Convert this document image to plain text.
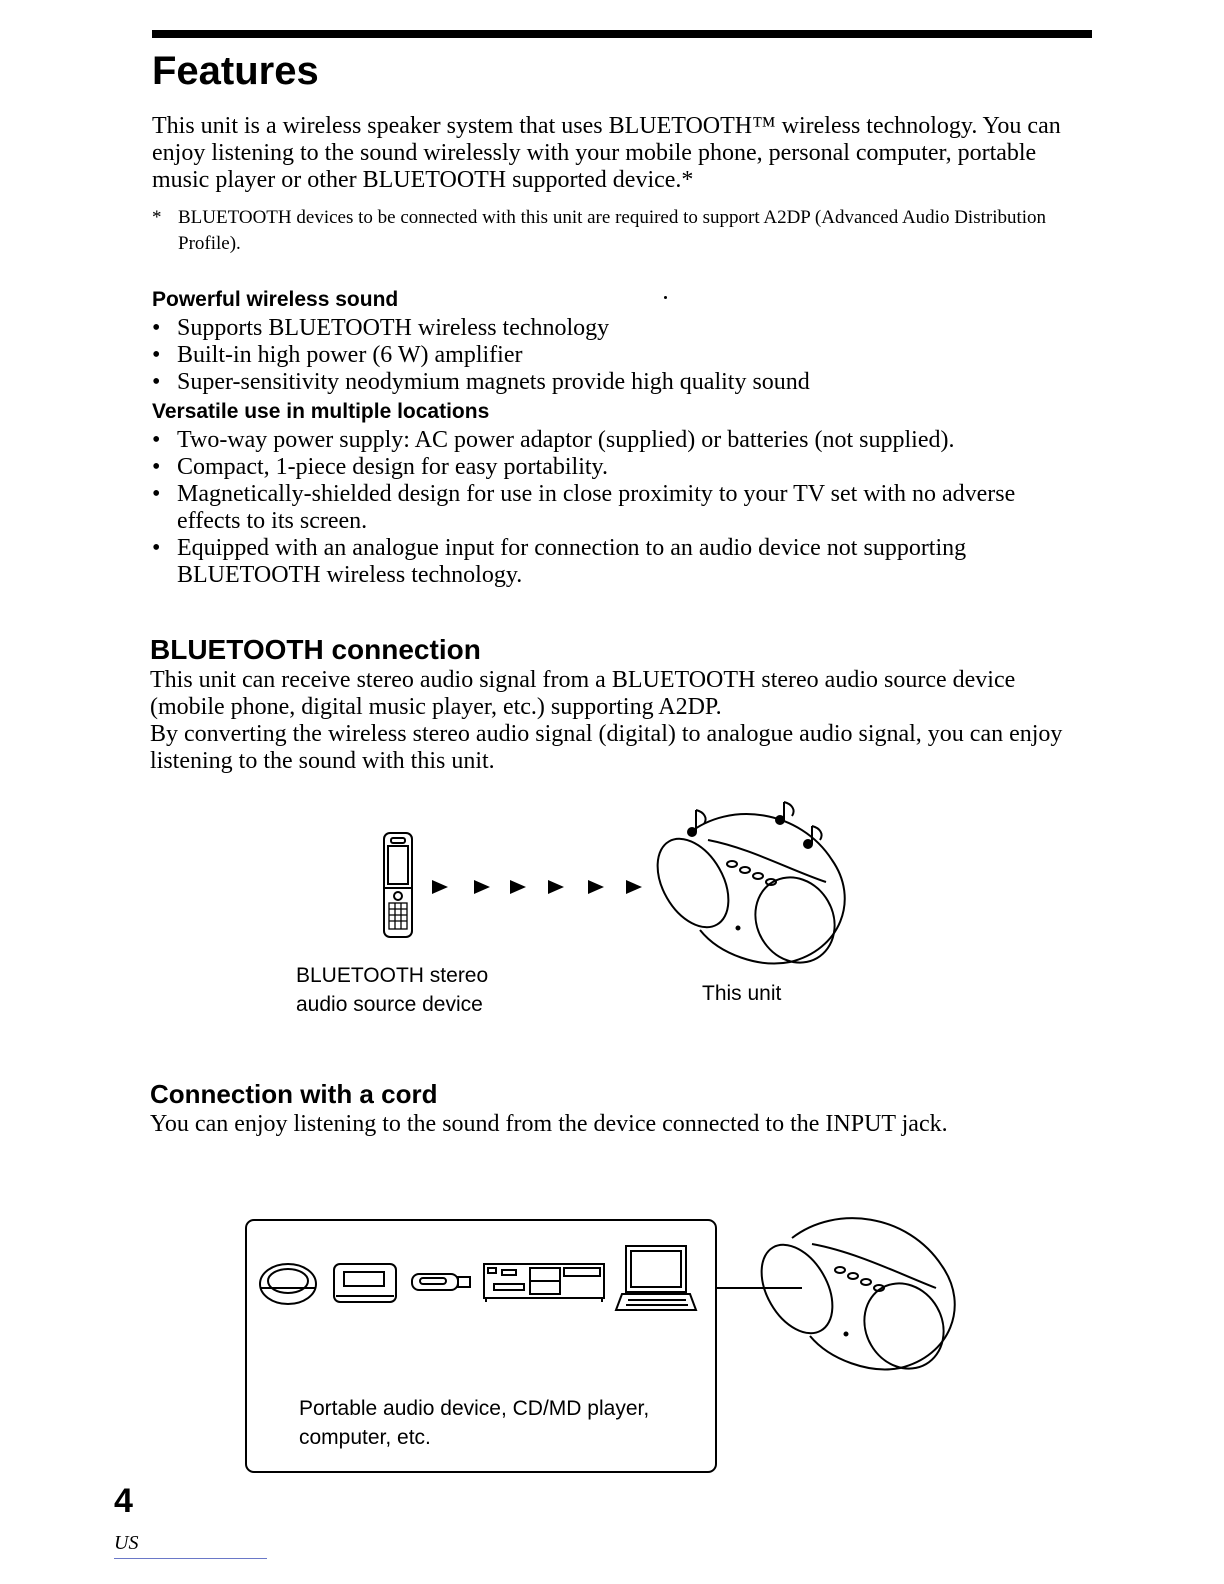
Features

This unit is a wireless speaker system that uses BLUETOOTH™ wireless technology. You can enjoy listening to the sound wirelessly with your mobile phone, personal computer, portable music player or other BLUETOOTH supported device.*

* BLUETOOTH devices to be connected with this unit are required to support A2DP (Advanced Audio Distribution Profile).
Powerful wireless sound
• Supports BLUETOOTH wireless technology
• Built-in high power (6 W) amplifier
• Super-sensitivity neodymium magnets provide high quality sound
Versatile use in multiple locations
• Two-way power supply: AC power adaptor (supplied) or batteries (not supplied).
• Compact, 1-piece design for easy portability.
• Magnetically-shielded design for use in close proximity to your TV set with no adverse effects to its screen.
• Equipped with an analogue input for connection to an audio device not supporting BLUETOOTH wireless technology.
BLUETOOTH connection

This unit can receive stereo audio signal from a BLUETOOTH stereo audio source device (mobile phone, digital music player, etc.) supporting A2DP.

By converting the wireless stereo audio signal (digital) to analogue audio signal, you can enjoy listening to the sound with this unit.

BLUETOOTH stereo
audio source device	This unit
Connection with a cord

You can enjoy listening to the sound from the device connected to the INPUT jack.

Portable audio device, CD/MD player,
computer, etc.
4
US
